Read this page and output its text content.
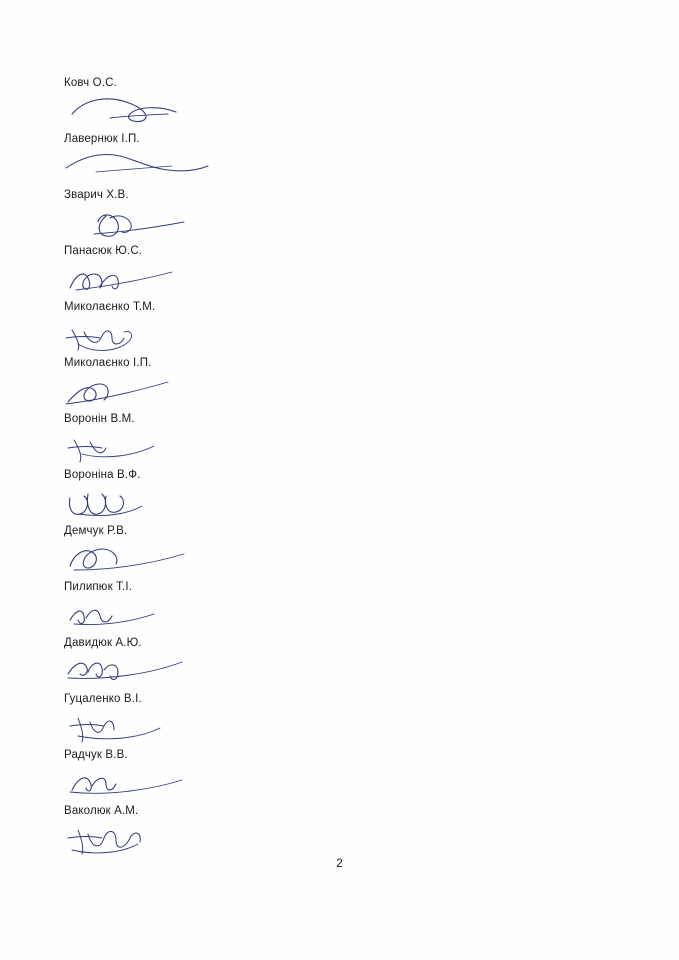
Ковч О.С.
Лавернюк І.П.
Зварич Х.В.
Панасюк Ю.С.
Миколаєнко Т.М.
Миколаєнко І.П.
Воронін В.М.
Вороніна В.Ф.
Демчук Р.В.
Пилипюк Т.І.
Давидюк А.Ю.
Гуцаленко В.І.
Радчук В.В.
Ваколюк А.М.
2
